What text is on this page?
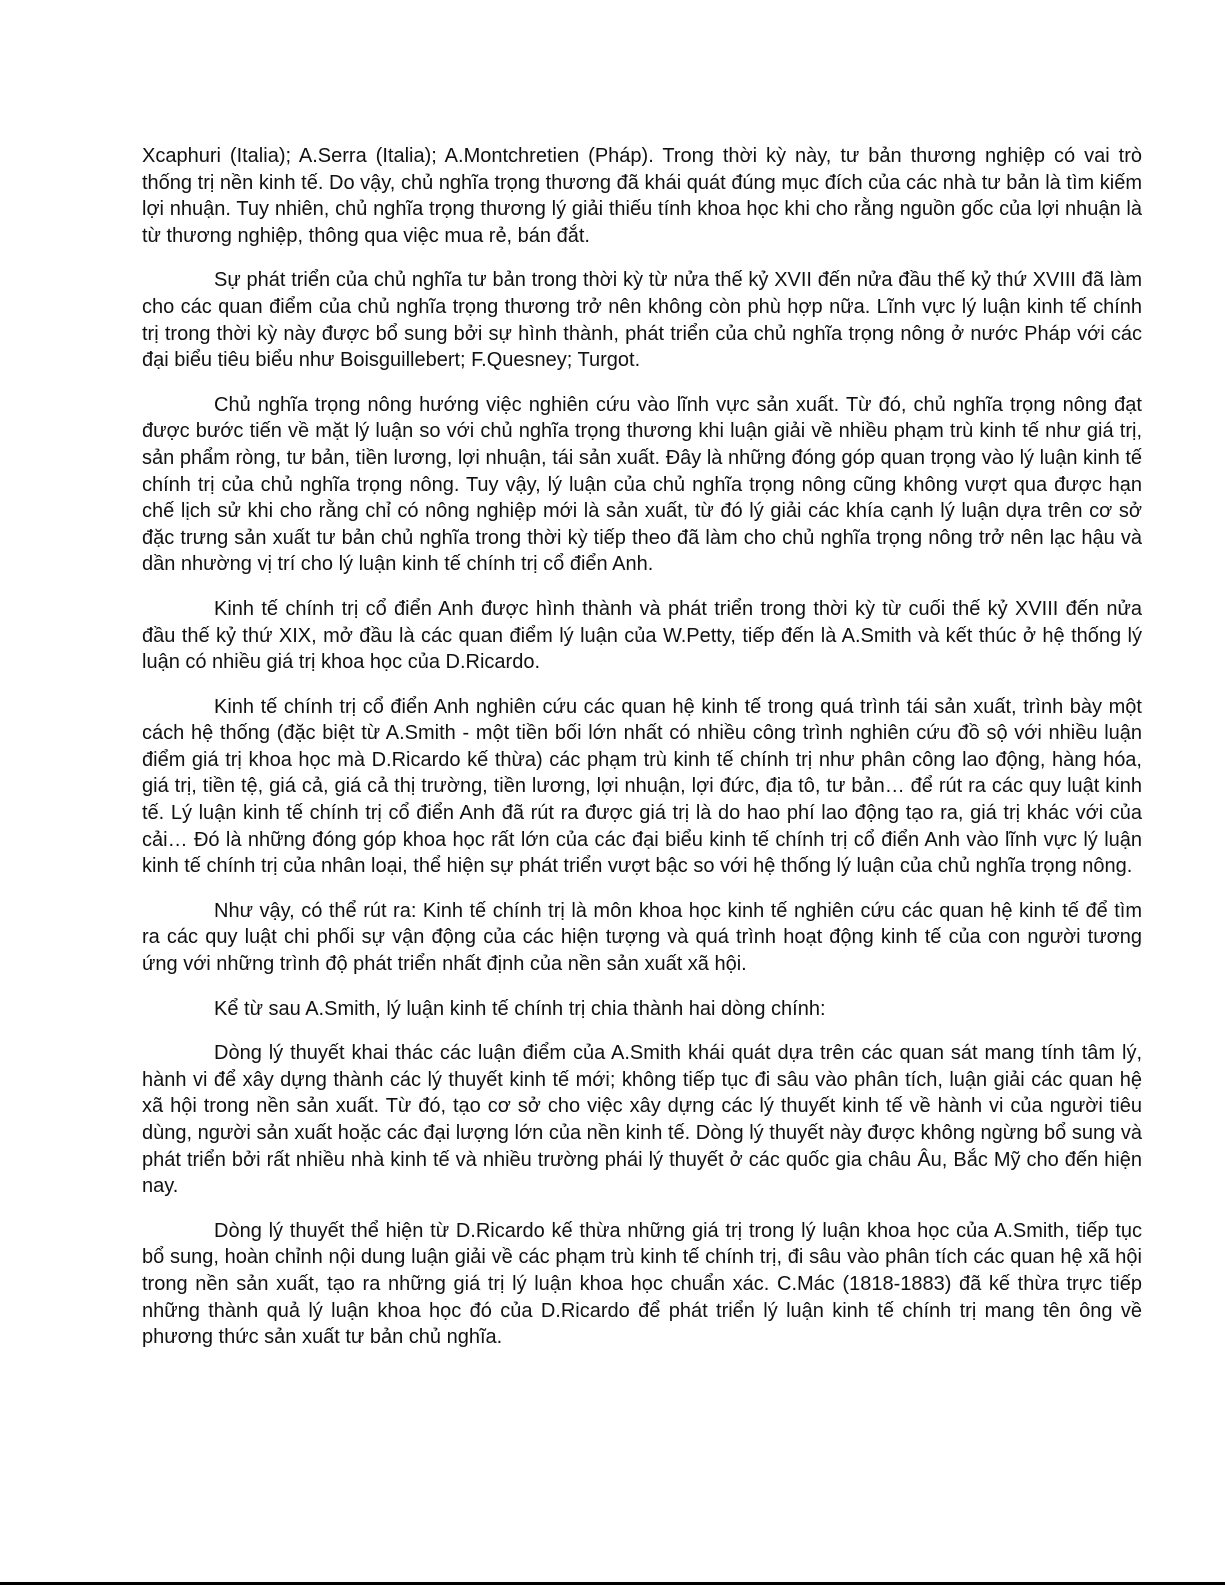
Xcaphuri (Italia); A.Serra (Italia); A.Montchretien (Pháp). Trong thời kỳ này, tư bản thương nghiệp có vai trò thống trị nền kinh tế. Do vậy, chủ nghĩa trọng thương đã khái quát đúng mục đích của các nhà tư bản là tìm kiếm lợi nhuận. Tuy nhiên, chủ nghĩa trọng thương lý giải thiếu tính khoa học khi cho rằng nguồn gốc của lợi nhuận là từ thương nghiệp, thông qua việc mua rẻ, bán đắt.

Sự phát triển của chủ nghĩa tư bản trong thời kỳ từ nửa thế kỷ XVII đến nửa đầu thế kỷ thứ XVIII đã làm cho các quan điểm của chủ nghĩa trọng thương trở nên không còn phù hợp nữa. Lĩnh vực lý luận kinh tế chính trị trong thời kỳ này được bổ sung bởi sự hình thành, phát triển của chủ nghĩa trọng nông ở nước Pháp với các đại biểu tiêu biểu như Boisguillebert; F.Quesney; Turgot.

Chủ nghĩa trọng nông hướng việc nghiên cứu vào lĩnh vực sản xuất. Từ đó, chủ nghĩa trọng nông đạt được bước tiến về mặt lý luận so với chủ nghĩa trọng thương khi luận giải về nhiều phạm trù kinh tế như giá trị, sản phẩm ròng, tư bản, tiền lương, lợi nhuận, tái sản xuất. Đây là những đóng góp quan trọng vào lý luận kinh tế chính trị của chủ nghĩa trọng nông. Tuy vậy, lý luận của chủ nghĩa trọng nông cũng không vượt qua được hạn chế lịch sử khi cho rằng chỉ có nông nghiệp mới là sản xuất, từ đó lý giải các khía cạnh lý luận dựa trên cơ sở đặc trưng sản xuất tư bản chủ nghĩa trong thời kỳ tiếp theo đã làm cho chủ nghĩa trọng nông trở nên lạc hậu và dần nhường vị trí cho lý luận kinh tế chính trị cổ điển Anh.

Kinh tế chính trị cổ điển Anh được hình thành và phát triển trong thời kỳ từ cuối thế kỷ XVIII đến nửa đầu thế kỷ thứ XIX, mở đầu là các quan điểm lý luận của W.Petty, tiếp đến là A.Smith và kết thúc ở hệ thống lý luận có nhiều giá trị khoa học của D.Ricardo.

Kinh tế chính trị cổ điển Anh nghiên cứu các quan hệ kinh tế trong quá trình tái sản xuất, trình bày một cách hệ thống (đặc biệt từ A.Smith - một tiền bối lớn nhất có nhiều công trình nghiên cứu đồ sộ với nhiều luận điểm giá trị khoa học mà D.Ricardo kế thừa) các phạm trù kinh tế chính trị như phân công lao động, hàng hóa, giá trị, tiền tệ, giá cả, giá cả thị trường, tiền lương, lợi nhuận, lợi đức, địa tô, tư bản… để rút ra các quy luật kinh tế. Lý luận kinh tế chính trị cổ điển Anh đã rút ra được giá trị là do hao phí lao động tạo ra, giá trị khác với của cải… Đó là những đóng góp khoa học rất lớn của các đại biểu kinh tế chính trị cổ điển Anh vào lĩnh vực lý luận kinh tế chính trị của nhân loại, thể hiện sự phát triển vượt bậc so với hệ thống lý luận của chủ nghĩa trọng nông.

Như vậy, có thể rút ra: Kinh tế chính trị là môn khoa học kinh tế nghiên cứu các quan hệ kinh tế để tìm ra các quy luật chi phối sự vận động của các hiện tượng và quá trình hoạt động kinh tế của con người tương ứng với những trình độ phát triển nhất định của nền sản xuất xã hội.

Kể từ sau A.Smith, lý luận kinh tế chính trị chia thành hai dòng chính:

Dòng lý thuyết khai thác các luận điểm của A.Smith khái quát dựa trên các quan sát mang tính tâm lý, hành vi để xây dựng thành các lý thuyết kinh tế mới; không tiếp tục đi sâu vào phân tích, luận giải các quan hệ xã hội trong nền sản xuất. Từ đó, tạo cơ sở cho việc xây dựng các lý thuyết kinh tế về hành vi của người tiêu dùng, người sản xuất hoặc các đại lượng lớn của nền kinh tế. Dòng lý thuyết này được không ngừng bổ sung và phát triển bởi rất nhiều nhà kinh tế và nhiều trường phái lý thuyết ở các quốc gia châu Âu, Bắc Mỹ cho đến hiện nay.

Dòng lý thuyết thể hiện từ D.Ricardo kế thừa những giá trị trong lý luận khoa học của A.Smith, tiếp tục bổ sung, hoàn chỉnh nội dung luận giải về các phạm trù kinh tế chính trị, đi sâu vào phân tích các quan hệ xã hội trong nền sản xuất, tạo ra những giá trị lý luận khoa học chuẩn xác. C.Mác (1818-1883) đã kế thừa trực tiếp những thành quả lý luận khoa học đó của D.Ricardo để phát triển lý luận kinh tế chính trị mang tên ông về phương thức sản xuất tư bản chủ nghĩa.
